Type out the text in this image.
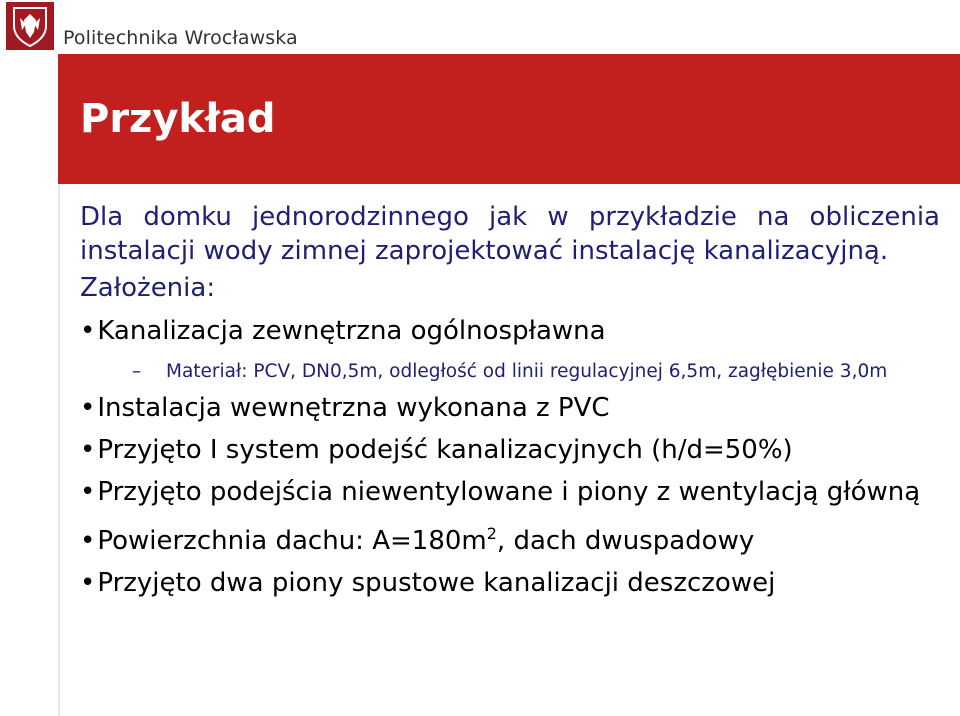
Politechnika Wrocławska
Przykład
Dla domku jednorodzinnego jak w przykładzie na obliczenia instalacji wody zimnej zaprojektować instalację kanalizacyjną.
Założenia:
•Kanalizacja zewnętrzna ogólnospławna
– Materiał: PCV, DN0,5m, odległość od linii regulacyjnej 6,5m, zagłębienie 3,0m
•Instalacja wewnętrzna wykonana z PVC
•Przyjęto I system podejść kanalizacyjnych (h/d=50%)
•Przyjęto podejścia niewentylowane i piony z wentylacją główną
•Powierzchnia dachu: $A=180m^2$, dach dwuspadowy
•Przyjęto dwa piony spustowe kanalizacji deszczowej
